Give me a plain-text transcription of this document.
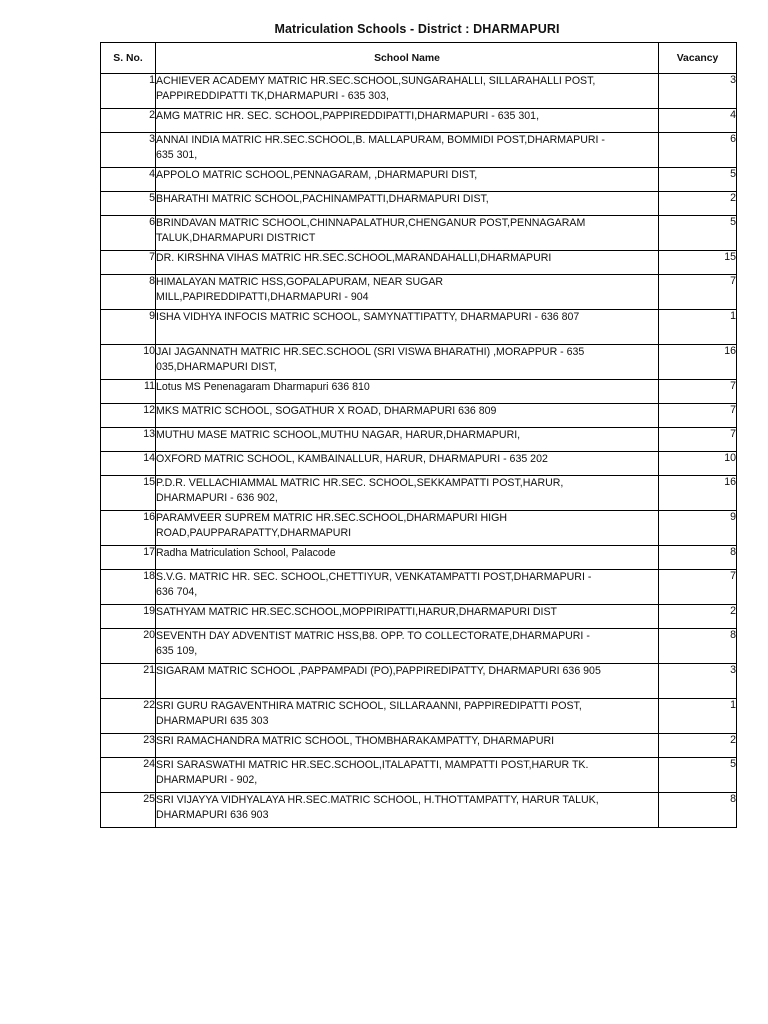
Matriculation Schools - District : DHARMAPURI
S. No.	School Name	Vacancy
1	ACHIEVER ACADEMY MATRIC HR.SEC.SCHOOL,SUNGARAHALLI, SILLARAHALLI POST, PAPPIREDDIPATTI TK,DHARMAPURI - 635 303,	3
2	AMG MATRIC HR. SEC. SCHOOL,PAPPIREDDIPATTI,DHARMAPURI - 635 301,	4
3	ANNAI INDIA MATRIC HR.SEC.SCHOOL,B. MALLAPURAM, BOMMIDI POST,DHARMAPURI - 635 301,	6
4	APPOLO MATRIC SCHOOL,PENNAGARAM, ,DHARMAPURI DIST,	5
5	BHARATHI MATRIC SCHOOL,PACHINAMPATTI,DHARMAPURI DIST,	2
6	BRINDAVAN MATRIC SCHOOL,CHINNAPALATHUR,CHENGANUR POST,PENNAGARAM TALUK,DHARMAPURI DISTRICT	5
7	DR. KIRSHNA VIHAS MATRIC HR.SEC.SCHOOL,MARANDAHALLI,DHARMAPURI	15
8	HIMALAYAN MATRIC HSS,GOPALAPURAM, NEAR SUGAR MILL,PAPIREDDIPATTI,DHARMAPURI - 904	7
9	ISHA VIDHYA INFOCIS MATRIC SCHOOL, SAMYNATTIPATTY, DHARMAPURI - 636 807	1
10	JAI JAGANNATH MATRIC HR.SEC.SCHOOL (SRI VISWA BHARATHI) ,MORAPPUR - 635 035,DHARMAPURI DIST,	16
11	Lotus MS Penenagaram Dharmapuri 636 810	7
12	MKS MATRIC SCHOOL, SOGATHUR X ROAD, DHARMAPURI 636 809	7
13	MUTHU MASE MATRIC SCHOOL,MUTHU NAGAR, HARUR,DHARMAPURI,	7
14	OXFORD MATRIC SCHOOL, KAMBAINALLUR, HARUR, DHARMAPURI - 635 202	10
15	P.D.R. VELLACHIAMMAL MATRIC HR.SEC. SCHOOL,SEKKAMPATTI POST,HARUR, DHARMAPURI - 636 902,	16
16	PARAMVEER SUPREM MATRIC HR.SEC.SCHOOL,DHARMAPURI HIGH ROAD,PAUPPARAPATTY,DHARMAPURI	9
17	Radha Matriculation School, Palacode	8
18	S.V.G. MATRIC HR. SEC. SCHOOL,CHETTIYUR, VENKATAMPATTI POST,DHARMAPURI - 636 704,	7
19	SATHYAM MATRIC HR.SEC.SCHOOL,MOPPIRIPATTI,HARUR,DHARMAPURI DIST	2
20	SEVENTH DAY ADVENTIST MATRIC HSS,B8. OPP. TO COLLECTORATE,DHARMAPURI - 635 109,	8
21	SIGARAM MATRIC SCHOOL ,PAPPAMPADI (PO),PAPPIREDIPATTY, DHARMAPURI 636 905	3
22	SRI GURU RAGAVENTHIRA MATRIC SCHOOL, SILLARAANNI, PAPPIREDIPATTI POST, DHARMAPURI 635 303	1
23	SRI RAMACHANDRA MATRIC SCHOOL, THOMBHARAKAMPATTY, DHARMAPURI	2
24	SRI SARASWATHI MATRIC HR.SEC.SCHOOL,ITALAPATTI, MAMPATTI POST,HARUR TK. DHARMAPURI - 902,	5
25	SRI VIJAYYA VIDHYALAYA HR.SEC.MATRIC SCHOOL, H.THOTTAMPATTY, HARUR TALUK, DHARMAPURI 636 903	8
